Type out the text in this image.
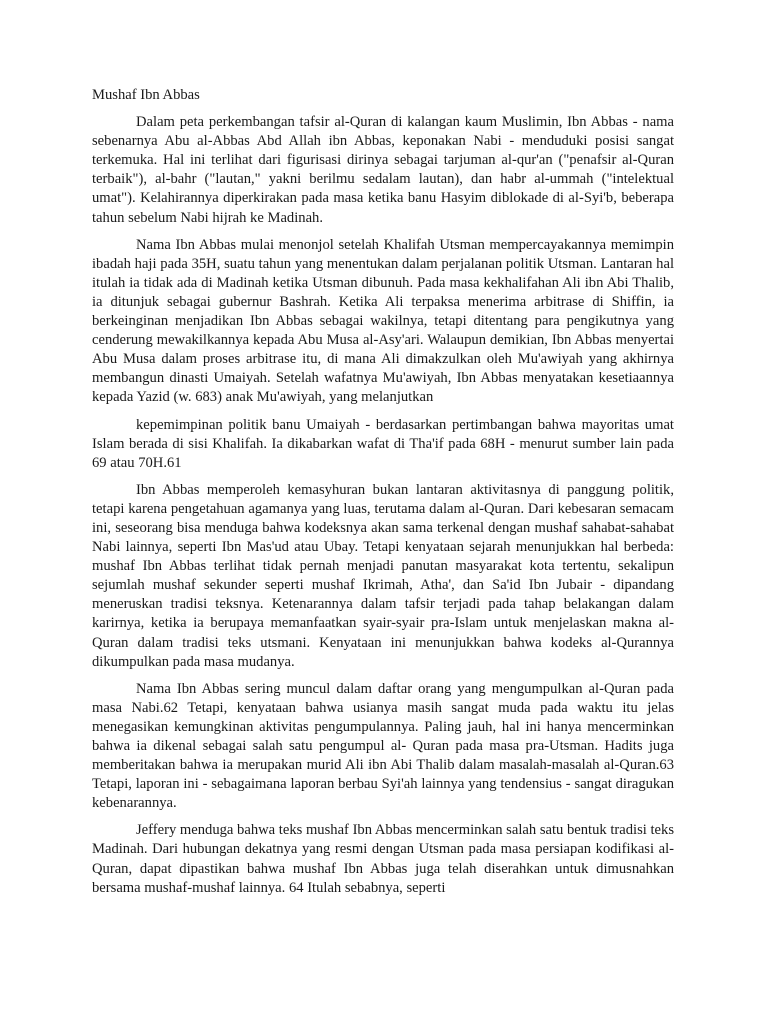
Mushaf Ibn Abbas

Dalam peta perkembangan tafsir al-Quran di kalangan kaum Muslimin, Ibn Abbas - nama sebenarnya Abu al-Abbas Abd Allah ibn Abbas, keponakan Nabi - menduduki posisi sangat terkemuka. Hal ini terlihat dari figurisasi dirinya sebagai tarjuman al-qur'an ("penafsir al-Quran terbaik"), al-bahr ("lautan," yakni berilmu sedalam lautan), dan habr al-ummah ("intelektual umat"). Kelahirannya diperkirakan pada masa ketika banu Hasyim diblokade di al-Syi'b, beberapa tahun sebelum Nabi hijrah ke Madinah.

Nama Ibn Abbas mulai menonjol setelah Khalifah Utsman mempercayakannya memimpin ibadah haji pada 35H, suatu tahun yang menentukan dalam perjalanan politik Utsman. Lantaran hal itulah ia tidak ada di Madinah ketika Utsman dibunuh. Pada masa kekhalifahan Ali ibn Abi Thalib, ia ditunjuk sebagai gubernur Bashrah. Ketika Ali terpaksa menerima arbitrase di Shiffin, ia berkeinginan menjadikan Ibn Abbas sebagai wakilnya, tetapi ditentang para pengikutnya yang cenderung mewakilkannya kepada Abu Musa al-Asy'ari. Walaupun demikian, Ibn Abbas menyertai Abu Musa dalam proses arbitrase itu, di mana Ali dimakzulkan oleh Mu'awiyah yang akhirnya membangun dinasti Umaiyah. Setelah wafatnya Mu'awiyah, Ibn Abbas menyatakan kesetiaannya kepada Yazid (w. 683) anak Mu'awiyah, yang melanjutkan

kepemimpinan politik banu Umaiyah - berdasarkan pertimbangan bahwa mayoritas umat Islam berada di sisi Khalifah. Ia dikabarkan wafat di Tha'if pada 68H - menurut sumber lain pada 69 atau 70H.61

Ibn Abbas memperoleh kemasyhuran bukan lantaran aktivitasnya di panggung politik, tetapi karena pengetahuan agamanya yang luas, terutama dalam al-Quran. Dari kebesaran semacam ini, seseorang bisa menduga bahwa kodeksnya akan sama terkenal dengan mushaf sahabat-sahabat Nabi lainnya, seperti Ibn Mas'ud atau Ubay. Tetapi kenyataan sejarah menunjukkan hal berbeda: mushaf Ibn Abbas terlihat tidak pernah menjadi panutan masyarakat kota tertentu, sekalipun sejumlah mushaf sekunder seperti mushaf Ikrimah, Atha', dan Sa'id Ibn Jubair - dipandang meneruskan tradisi teksnya. Ketenarannya dalam tafsir terjadi pada tahap belakangan dalam karirnya, ketika ia berupaya memanfaatkan syair-syair pra-Islam untuk menjelaskan makna al-Quran dalam tradisi teks utsmani. Kenyataan ini menunjukkan bahwa kodeks al-Qurannya dikumpulkan pada masa mudanya.

Nama Ibn Abbas sering muncul dalam daftar orang yang mengumpulkan al-Quran pada masa Nabi.62 Tetapi, kenyataan bahwa usianya masih sangat muda pada waktu itu jelas menegasikan kemungkinan aktivitas pengumpulannya. Paling jauh, hal ini hanya mencerminkan bahwa ia dikenal sebagai salah satu pengumpul al- Quran pada masa pra-Utsman. Hadits juga memberitakan bahwa ia merupakan murid Ali ibn Abi Thalib dalam masalah-masalah al-Quran.63 Tetapi, laporan ini - sebagaimana laporan berbau Syi'ah lainnya yang tendensius - sangat diragukan kebenarannya.

Jeffery menduga bahwa teks mushaf Ibn Abbas mencerminkan salah satu bentuk tradisi teks Madinah. Dari hubungan dekatnya yang resmi dengan Utsman pada masa persiapan kodifikasi al- Quran, dapat dipastikan bahwa mushaf Ibn Abbas juga telah diserahkan untuk dimusnahkan bersama mushaf-mushaf lainnya. 64 Itulah sebabnya, seperti
